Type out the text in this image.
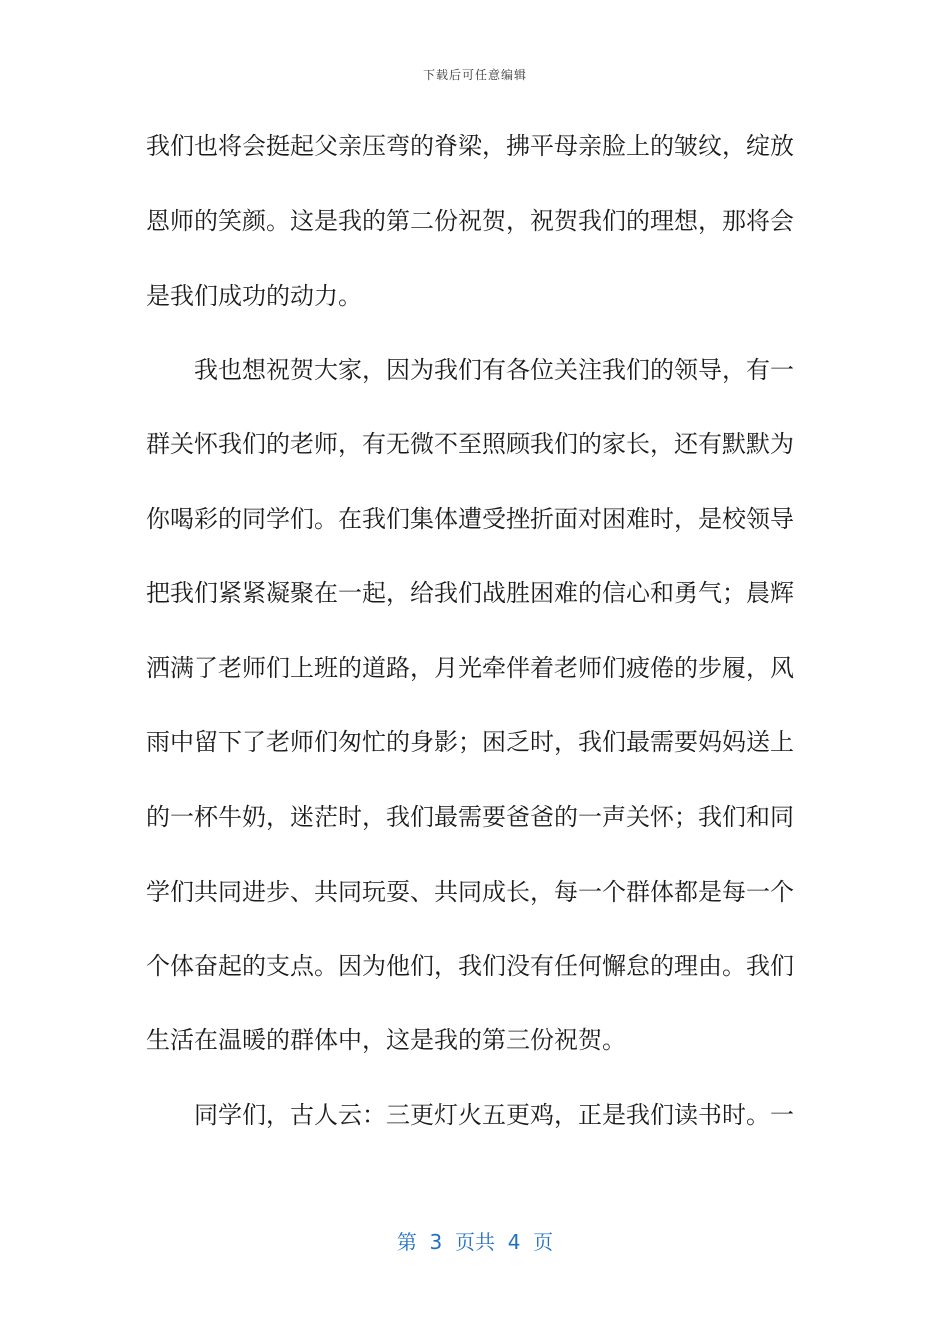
下载后可任意编辑
我们也将会挺起父亲压弯的脊梁，拂平母亲脸上的皱纹，绽放
恩师的笑颜。这是我的第二份祝贺，祝贺我们的理想，那将会
是我们成功的动力。
我也想祝贺大家，因为我们有各位关注我们的领导，有一
群关怀我们的老师，有无微不至照顾我们的家长，还有默默为
你喝彩的同学们。在我们集体遭受挫折面对困难时，是校领导
把我们紧紧凝聚在一起，给我们战胜困难的信心和勇气；晨辉
洒满了老师们上班的道路，月光牵伴着老师们疲倦的步履，风
雨中留下了老师们匆忙的身影；困乏时，我们最需要妈妈送上
的一杯牛奶，迷茫时，我们最需要爸爸的一声关怀；我们和同
学们共同进步、共同玩耍、共同成长，每一个群体都是每一个
个体奋起的支点。因为他们，我们没有任何懈怠的理由。我们
生活在温暖的群体中，这是我的第三份祝贺。
同学们，古人云：三更灯火五更鸡，正是我们读书时。一
第  3  页共  4  页
